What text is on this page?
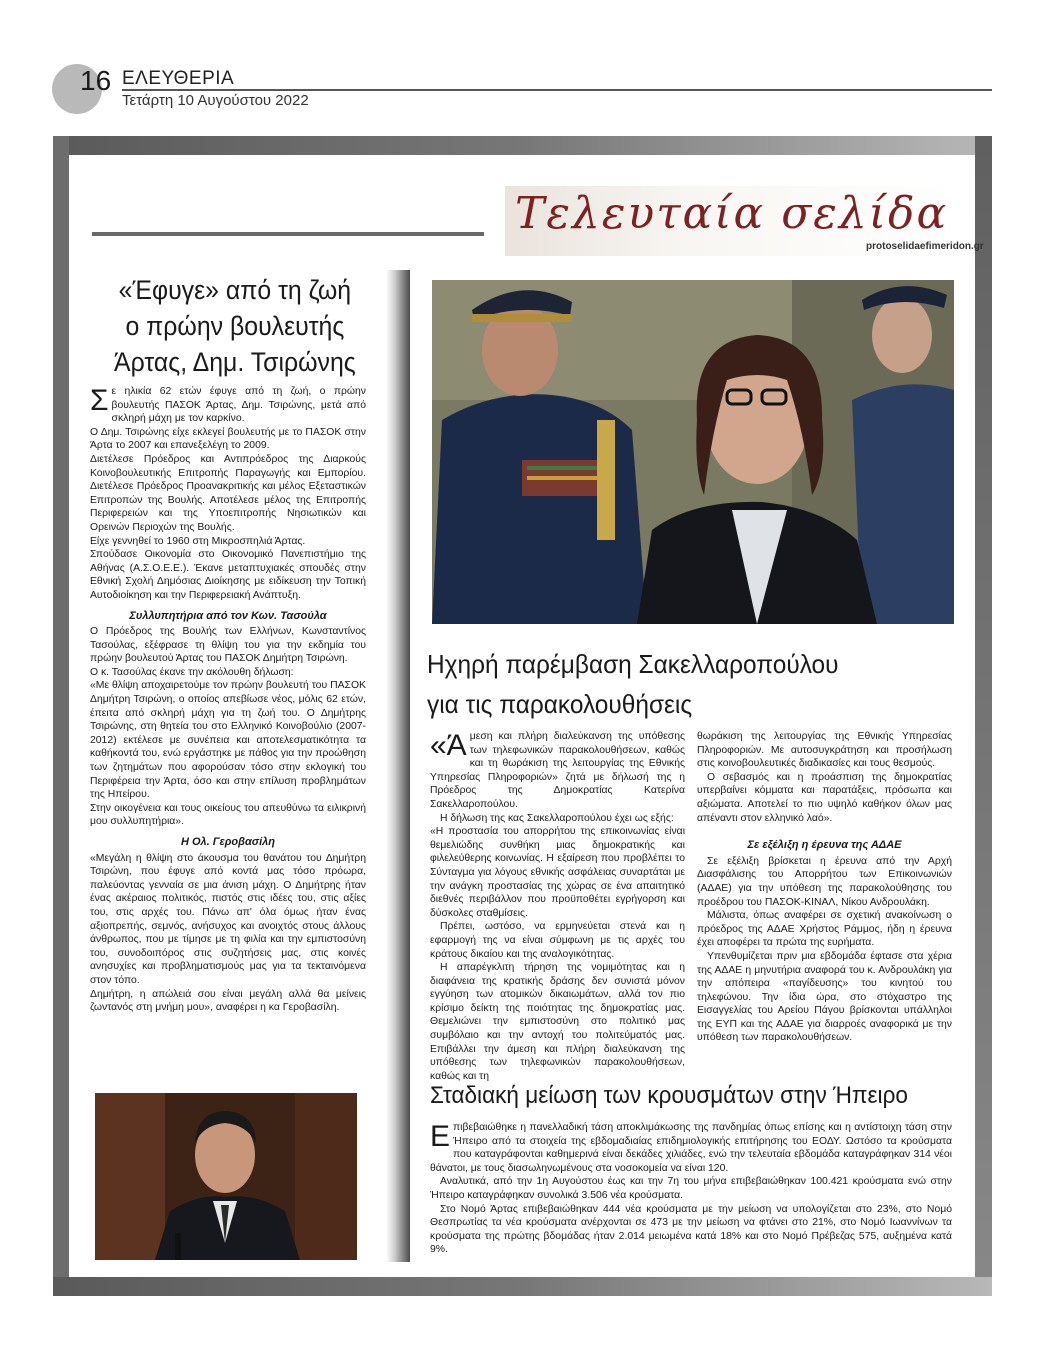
16 ΕΛΕΥΘΕΡΙΑ
Τετάρτη 10 Αυγούστου 2022
Τελευταία σελίδα
protoselidaefimeridon.gr
«Έφυγε» από τη ζωή
ο πρώην βουλευτής
Άρτας, Δημ. Τσιρώνης

Σε ηλικία 62 ετών έφυγε από τη ζωή, ο πρώην βουλευτής ΠΑΣΟΚ Άρτας, Δημ. Τσιρώνης, μετά από σκληρή μάχη με τον καρκίνο.

Ο Δημ. Τσιρώνης είχε εκλεγεί βουλευτής με το ΠΑΣΟΚ στην Άρτα το 2007 και επανεξελέγη το 2009.

Διετέλεσε Πρόεδρος και Αντιπρόεδρος της Διαρκούς Κοινοβουλευτικής Επιτροπής Παραγωγής και Εμπορίου. Διετέλεσε Πρόεδρος Προανακριτικής και μέλος Εξεταστικών Επιτροπών της Βουλής. Αποτέλεσε μέλος της Επιτροπής Περιφερειών και της Υποεπιτροπής Νησιωτικών και Ορεινών Περιοχών της Βουλής.

Είχε γεννηθεί το 1960 στη Μικροσπηλιά Άρτας.

Σπούδασε Οικονομία στο Οικονομικό Πανεπιστήμιο της Αθήνας (Α.Σ.Ο.Ε.Ε.). Έκανε μεταπτυχιακές σπουδές στην Εθνική Σχολή Δημόσιας Διοίκησης με ειδίκευση την Τοπική Αυτοδιοίκηση και την Περιφερειακή Ανάπτυξη.

Συλλυπητήρια από τον Κων. Τασούλα

Ο Πρόεδρος της Βουλής των Ελλήνων, Κωνσταντίνος Τασούλας, εξέφρασε τη θλίψη του για την εκδημία του πρώην βουλευτού Άρτας του ΠΑΣΟΚ Δημήτρη Τσιρώνη.

Ο κ. Τασούλας έκανε την ακόλουθη δήλωση:

«Με θλίψη αποχαιρετούμε τον πρώην βουλευτή του ΠΑΣΟΚ Δημήτρη Τσιρώνη, ο οποίος απεβίωσε νέος, μόλις 62 ετών, έπειτα από σκληρή μάχη για τη ζωή του. Ο Δημήτρης Τσιρώνης, στη θητεία του στο Ελληνικό Κοινοβούλιο (2007-2012) εκτέλεσε με συνέπεια και αποτελεσματικότητα τα καθήκοντά του, ενώ εργάστηκε με πάθος για την προώθηση των ζητημάτων που αφορούσαν τόσο στην εκλογική του Περιφέρεια την Άρτα, όσο και στην επίλυση προβλημάτων της Ηπείρου.

Στην οικογένεια και τους οικείους του απευθύνω τα ειλικρινή μου συλλυπητήρια».

Η Ολ. Γεροβασίλη

«Μεγάλη η θλίψη στο άκουσμα του θανάτου του Δημήτρη Τσιρώνη, που έφυγε από κοντά μας τόσο πρόωρα, παλεύοντας γενναία σε μια άνιση μάχη. Ο Δημήτρης ήταν ένας ακέραιος πολιτικός, πιστός στις ιδέες του, στις αξίες του, στις αρχές του. Πάνω απ' όλα όμως ήταν ένας αξιοπρεπής, σεμνός, ανήσυχος και ανοιχτός στους άλλους άνθρωπος, που με τίμησε με τη φιλία και την εμπιστοσύνη του, συνοδοιπόρος στις συζητήσεις μας, στις κοινές ανησυχίες και προβληματισμούς μας για τα τεκταινόμενα στον τόπο.

Δημήτρη, η απώλειά σου είναι μεγάλη αλλά θα μείνεις ζωντανός στη μνήμη μου», αναφέρει η κα Γεροβασίλη.

Ηχηρή παρέμβαση Σακελλαροπούλου
για τις παρακολουθήσεις

«Άμεση και πλήρη διαλεύκανση της υπόθεσης των τηλεφωνικών παρακολουθήσεων, καθώς και τη θωράκιση της λειτουργίας της Εθνικής Υπηρεσίας Πληροφοριών» ζητά με δήλωσή της η Πρόεδρος της Δημοκρατίας Κατερίνα Σακελλαροπούλου.

Η δήλωση της κας Σακελλαροπούλου έχει ως εξής:

«Η προστασία του απορρήτου της επικοινωνίας είναι θεμελιώδης συνθήκη μιας δημοκρατικής και φιλελεύθερης κοινωνίας. Η εξαίρεση που προβλέπει το Σύνταγμα για λόγους εθνικής ασφάλειας συναρτάται με την ανάγκη προστασίας της χώρας σε ένα απαιτητικό διεθνές περιβάλλον που προϋποθέτει εγρήγορση και δύσκολες σταθμίσεις.

Πρέπει, ωστόσο, να ερμηνεύεται στενά και η εφαρμογή της να είναι σύμφωνη με τις αρχές του κράτους δικαίου και της αναλογικότητας.

Η απαρέγκλιτη τήρηση της νομιμότητας και η διαφάνεια της κρατικής δράσης δεν συνιστά μόνον εγγύηση των ατομικών δικαιωμάτων, αλλά τον πιο κρίσιμο δείκτη της ποιότητας της δημοκρατίας μας. Θεμελιώνει την εμπιστοσύνη στο πολιτικό μας συμβόλαιο και την αντοχή του πολιτεύματός μας. Επιβάλλει την άμεση και πλήρη διαλεύκανση της υπόθεσης των τηλεφωνικών παρακολουθήσεων, καθώς και τη

θωράκιση της λειτουργίας της Εθνικής Υπηρεσίας Πληροφοριών. Με αυτοσυγκράτηση και προσήλωση στις κοινοβουλευτικές διαδικασίες και τους θεσμούς.

Ο σεβασμός και η προάσπιση της δημοκρατίας υπερβαίνει κόμματα και παρατάξεις, πρόσωπα και αξιώματα. Αποτελεί το πιο υψηλό καθήκον όλων μας απέναντι στον ελληνικό λαό».

Σε εξέλιξη η έρευνα της ΑΔΑΕ

Σε εξέλιξη βρίσκεται η έρευνα από την Αρχή Διασφάλισης του Απορρήτου των Επικοινωνιών (ΑΔΑΕ) για την υπόθεση της παρακολούθησης του προέδρου του ΠΑΣΟΚ-ΚΙΝΑΛ, Νίκου Ανδρουλάκη.

Μάλιστα, όπως αναφέρει σε σχετική ανακοίνωση ο πρόεδρος της ΑΔΑΕ Χρήστος Ράμμος, ήδη η έρευνα έχει αποφέρει τα πρώτα της ευρήματα.

Υπενθυμίζεται πριν μια εβδομάδα έφτασε στα χέρια της ΑΔΑΕ η μηνυτήρια αναφορά του κ. Ανδρουλάκη για την απόπειρα «παγίδευσης» του κινητού του τηλεφώνου. Την ίδια ώρα, στο στόχαστρο της Εισαγγελίας του Αρείου Πάγου βρίσκονται υπάλληλοι της ΕΥΠ και της ΑΔΑΕ για διαρροές αναφορικά με την υπόθεση των παρακολουθήσεων.

Σταδιακή μείωση των κρουσμάτων στην Ήπειρο

Επιβεβαιώθηκε η πανελλαδική τάση αποκλιμάκωσης της πανδημίας όπως επίσης και η αντίστοιχη τάση στην Ήπειρο από τα στοιχεία της εβδομαδιαίας επιδημιολογικής επιτήρησης του ΕΟΔΥ. Ωστόσο τα κρούσματα που καταγράφονται καθημερινά είναι δεκάδες χιλιάδες, ενώ την τελευταία εβδομάδα καταγράφηκαν 314 νέοι θάνατοι, με τους διασωληνωμένους στα νοσοκομεία να είναι 120.

Αναλυτικά, από την 1η Αυγούστου έως και την 7η του μήνα επιβεβαιώθηκαν 100.421 κρούσματα ενώ στην Ήπειρο καταγράφηκαν συνολικά 3.506 νέα κρούσματα.

Στο Νομό Άρτας επιβεβαιώθηκαν 444 νέα κρούσματα με την μείωση να υπολογίζεται στο 23%, στο Νομό Θεσπρωτίας τα νέα κρούσματα ανέρχονται σε 473 με την μείωση να φτάνει στο 21%, στο Νομό Ιωαννίνων τα κρούσματα της πρώτης βδομάδας ήταν 2.014 μειωμένα κατά 18% και στο Νομό Πρέβεζας 575, αυξημένα κατά 9%.
